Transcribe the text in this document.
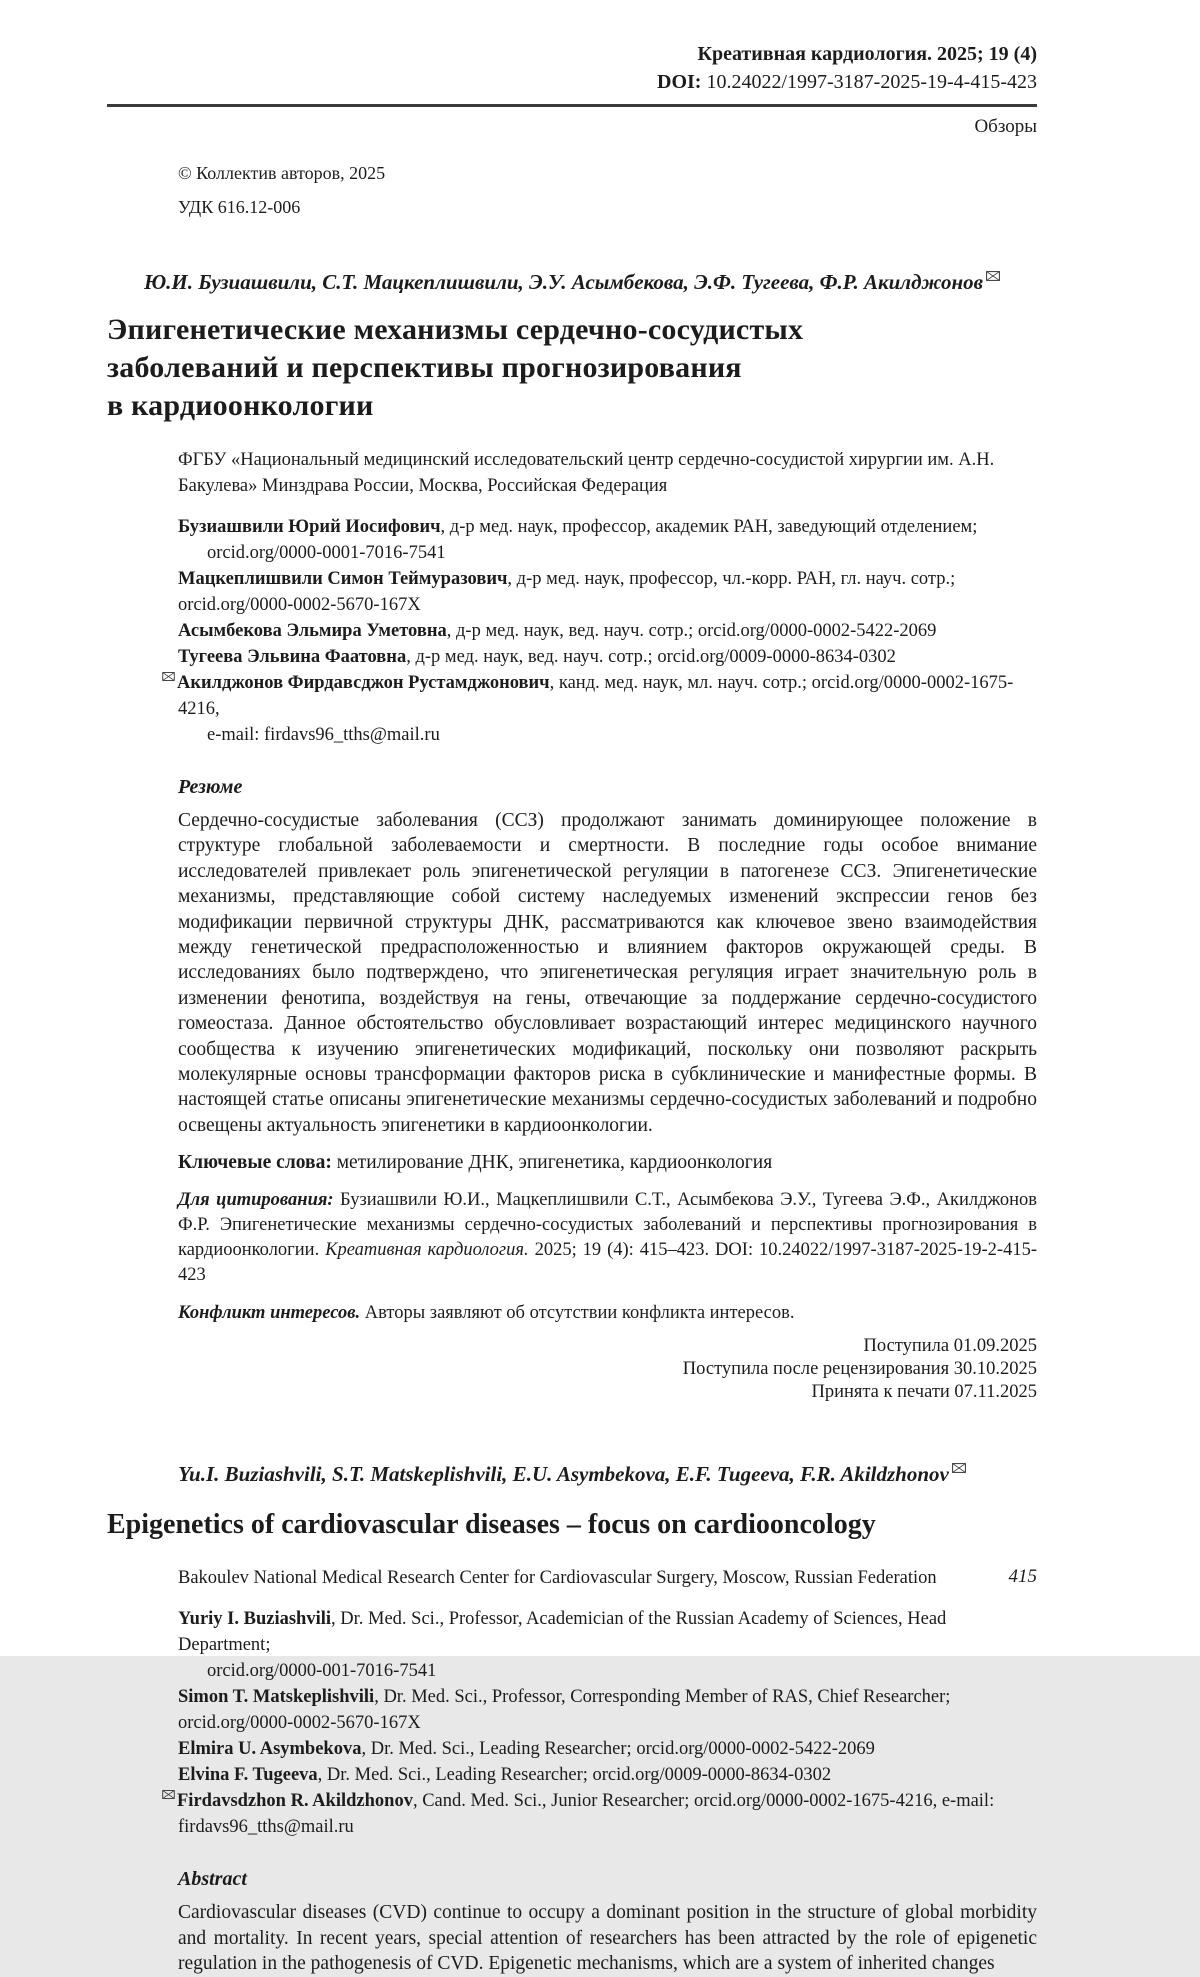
Креативная кардиология. 2025; 19 (4)
DOI: 10.24022/1997-3187-2025-19-4-415-423
Обзоры
© Коллектив авторов, 2025
УДК 616.12-006
Ю.И. Бузиашвили, С.Т. Мацкеплишвили, Э.У. Асымбекова, Э.Ф. Тугеева, Ф.Р. Акилджонов
Эпигенетические механизмы сердечно-сосудистых
заболеваний и перспективы прогнозирования
в кардиоонкологии
ФГБУ «Национальный медицинский исследовательский центр сердечно-сосудистой хирургии им. А.Н. Бакулева» Минздрава России, Москва, Российская Федерация
Бузиашвили Юрий Иосифович, д-р мед. наук, профессор, академик РАН, заведующий отделением;
orcid.org/0000-0001-7016-7541
Мацкеплишвили Симон Теймуразович, д-р мед. наук, профессор, чл.-корр. РАН, гл. науч. сотр.; orcid.org/0000-0002-5670-167X
Асымбекова Эльмира Уметовна, д-р мед. наук, вед. науч. сотр.; orcid.org/0000-0002-5422-2069
Тугеева Эльвина Фаатовна, д-р мед. наук, вед. науч. сотр.; orcid.org/0009-0000-8634-0302
Акилджонов Фирдавсджон Рустамджонович, канд. мед. наук, мл. науч. сотр.; orcid.org/0000-0002-1675-4216,
e-mail: firdavs96_tths@mail.ru
Резюме
Сердечно-сосудистые заболевания (ССЗ) продолжают занимать доминирующее положение в структуре глобальной заболеваемости и смертности. В последние годы особое внимание исследователей привлекает роль эпигенетической регуляции в патогенезе ССЗ. Эпигенетические механизмы, представляющие собой систему наследуемых изменений экспрессии генов без модификации первичной структуры ДНК, рассматриваются как ключевое звено взаимодействия между генетической предрасположенностью и влиянием факторов окружающей среды. В исследованиях было подтверждено, что эпигенетическая регуляция играет значительную роль в изменении фенотипа, воздействуя на гены, отвечающие за поддержание сердечно-сосудистого гомеостаза. Данное обстоятельство обусловливает возрастающий интерес медицинского научного сообщества к изучению эпигенетических модификаций, поскольку они позволяют раскрыть молекулярные основы трансформации факторов риска в субклинические и манифестные формы. В настоящей статье описаны эпигенетические механизмы сердечно-сосудистых заболеваний и подробно освещены актуальность эпигенетики в кардиоонкологии.
Ключевые слова: метилирование ДНК, эпигенетика, кардиоонкология
Для цитирования: Бузиашвили Ю.И., Мацкеплишвили С.Т., Асымбекова Э.У., Тугеева Э.Ф., Акилджонов Ф.Р. Эпигенетические механизмы сердечно-сосудистых заболеваний и перспективы прогнозирования в кардиоонкологии. Креативная кардиология. 2025; 19 (4): 415–423. DOI: 10.24022/1997-3187-2025-19-2-415-423
Конфликт интересов. Авторы заявляют об отсутствии конфликта интересов.
Поступила 01.09.2025
Поступила после рецензирования 30.10.2025
Принята к печати 07.11.2025
Yu.I. Buziashvili, S.T. Matskeplishvili, E.U. Asymbekova, E.F. Tugeeva, F.R. Akildzhonov
Epigenetics of cardiovascular diseases – focus on cardiooncology
Bakoulev National Medical Research Center for Cardiovascular Surgery, Moscow, Russian Federation
Yuriy I. Buziashvili, Dr. Med. Sci., Professor, Academician of the Russian Academy of Sciences, Head Department;
orcid.org/0000-001-7016-7541
Simon T. Matskeplishvili, Dr. Med. Sci., Professor, Corresponding Member of RAS, Chief Researcher; orcid.org/0000-0002-5670-167X
Elmira U. Asymbekova, Dr. Med. Sci., Leading Researcher; orcid.org/0000-0002-5422-2069
Elvina F. Tugeeva, Dr. Med. Sci., Leading Researcher; orcid.org/0009-0000-8634-0302
Firdavsdzhon R. Akildzhonov, Cand. Med. Sci., Junior Researcher; orcid.org/0000-0002-1675-4216, e-mail: firdavs96_tths@mail.ru
Abstract
Cardiovascular diseases (CVD) continue to occupy a dominant position in the structure of global morbidity and mortality. In recent years, special attention of researchers has been attracted by the role of epigenetic regulation in the pathogenesis of CVD. Epigenetic mechanisms, which are a system of inherited changes
415
